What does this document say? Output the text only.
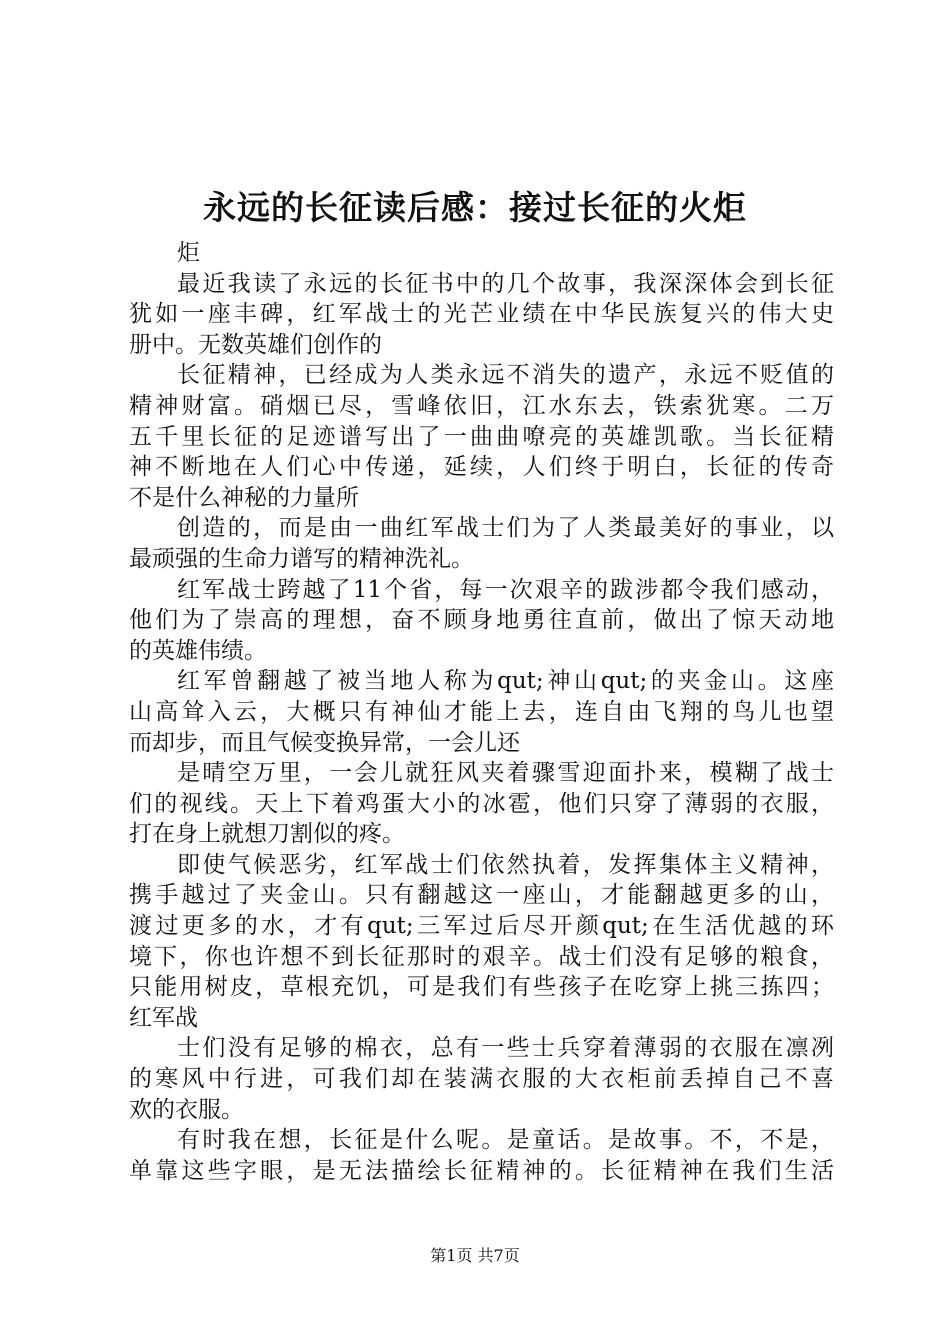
永远的长征读后感：接过长征的火炬
炬
最近我读了永远的长征书中的几个故事，我深深体会到长征
犹如一座丰碑，红军战士的光芒业绩在中华民族复兴的伟大史
册中。无数英雄们创作的
长征精神，已经成为人类永远不消失的遗产，永远不贬值的
精神财富。硝烟已尽，雪峰依旧，江水东去，铁索犹寒。二万
五千里长征的足迹谱写出了一曲曲嘹亮的英雄凯歌。当长征精
神不断地在人们心中传递，延续，人们终于明白，长征的传奇
不是什么神秘的力量所
创造的，而是由一曲红军战士们为了人类最美好的事业，以
最顽强的生命力谱写的精神洗礼。
红军战士跨越了11个省，每一次艰辛的跋涉都令我们感动，
他们为了崇高的理想，奋不顾身地勇往直前，做出了惊天动地
的英雄伟绩。
红军曾翻越了被当地人称为qut;神山qut;的夹金山。这座
山高耸入云，大概只有神仙才能上去，连自由飞翔的鸟儿也望
而却步，而且气候变换异常，一会儿还
是晴空万里，一会儿就狂风夹着骤雪迎面扑来，模糊了战士
们的视线。天上下着鸡蛋大小的冰雹，他们只穿了薄弱的衣服，
打在身上就想刀割似的疼。
即使气候恶劣，红军战士们依然执着，发挥集体主义精神，
携手越过了夹金山。只有翻越这一座山，才能翻越更多的山，
渡过更多的水，才有qut;三军过后尽开颜qut;在生活优越的环
境下，你也许想不到长征那时的艰辛。战士们没有足够的粮食，
只能用树皮，草根充饥，可是我们有些孩子在吃穿上挑三拣四；
红军战
士们没有足够的棉衣，总有一些士兵穿着薄弱的衣服在凛冽
的寒风中行进，可我们却在装满衣服的大衣柜前丢掉自己不喜
欢的衣服。
有时我在想，长征是什么呢。是童话。是故事。不，不是，
单靠这些字眼，是无法描绘长征精神的。长征精神在我们生活
第1页 共7页
